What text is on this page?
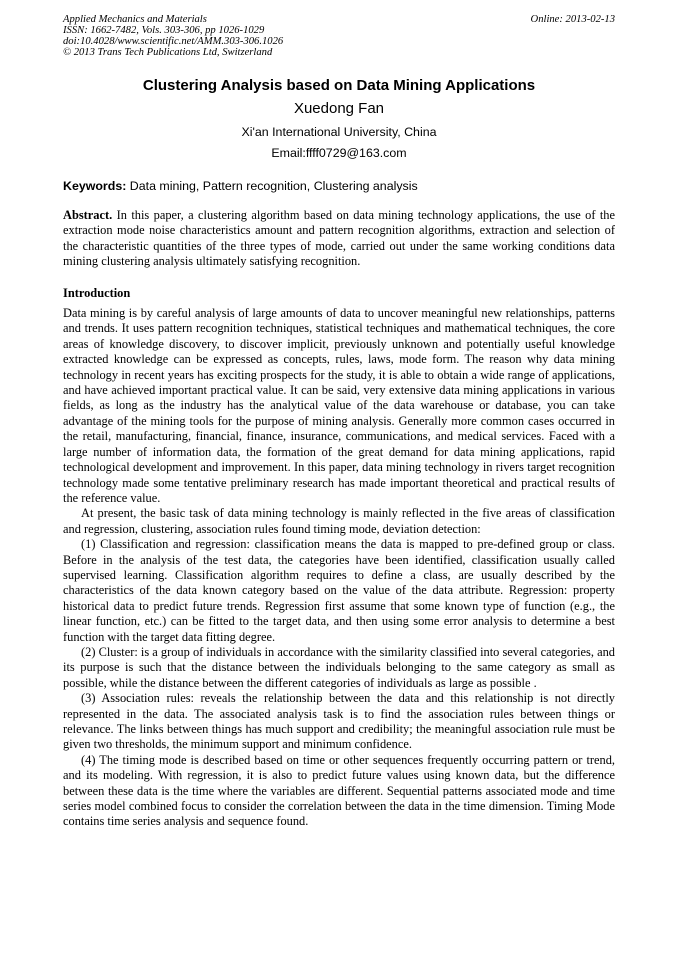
Applied Mechanics and Materials
ISSN: 1662-7482, Vols. 303-306, pp 1026-1029
doi:10.4028/www.scientific.net/AMM.303-306.1026
© 2013 Trans Tech Publications Ltd, Switzerland
Online: 2013-02-13
Clustering Analysis based on Data Mining Applications
Xuedong Fan
Xi'an International University, China
Email:ffff0729@163.com
Keywords: Data mining, Pattern recognition, Clustering analysis

Abstract. In this paper, a clustering algorithm based on data mining technology applications, the use of the extraction mode noise characteristics amount and pattern recognition algorithms, extraction and selection of the characteristic quantities of the three types of mode, carried out under the same working conditions data mining clustering analysis ultimately satisfying recognition.

Introduction

Data mining is by careful analysis of large amounts of data to uncover meaningful new relationships, patterns and trends. It uses pattern recognition techniques, statistical techniques and mathematical techniques, the core areas of knowledge discovery, to discover implicit, previously unknown and potentially useful knowledge extracted knowledge can be expressed as concepts, rules, laws, mode form. The reason why data mining technology in recent years has exciting prospects for the study, it is able to obtain a wide range of applications, and have achieved important practical value. It can be said, very extensive data mining applications in various fields, as long as the industry has the analytical value of the data warehouse or database, you can take advantage of the mining tools for the purpose of mining analysis. Generally more common cases occurred in the retail, manufacturing, financial, finance, insurance, communications, and medical services. Faced with a large number of information data, the formation of the great demand for data mining applications, rapid technological development and improvement. In this paper, data mining technology in rivers target recognition technology made some tentative preliminary research has made important theoretical and practical results of the reference value.

At present, the basic task of data mining technology is mainly reflected in the five areas of classification and regression, clustering, association rules found timing mode, deviation detection:

(1) Classification and regression: classification means the data is mapped to pre-defined group or class. Before in the analysis of the test data, the categories have been identified, classification usually called supervised learning. Classification algorithm requires to define a class, are usually described by the characteristics of the data known category based on the value of the data attribute. Regression: property historical data to predict future trends. Regression first assume that some known type of function (e.g., the linear function, etc.) can be fitted to the target data, and then using some error analysis to determine a best function with the target data fitting degree.

(2) Cluster: is a group of individuals in accordance with the similarity classified into several categories, and its purpose is such that the distance between the individuals belonging to the same category as small as possible, while the distance between the different categories of individuals as large as possible .

(3) Association rules: reveals the relationship between the data and this relationship is not directly represented in the data. The associated analysis task is to find the association rules between things or relevance. The links between things has much support and credibility; the meaningful association rule must be given two thresholds, the minimum support and minimum confidence.

(4) The timing mode is described based on time or other sequences frequently occurring pattern or trend, and its modeling. With regression, it is also to predict future values using known data, but the difference between these data is the time where the variables are different. Sequential patterns associated mode and time series model combined focus to consider the correlation between the data in the time dimension. Timing Mode contains time series analysis and sequence found.
